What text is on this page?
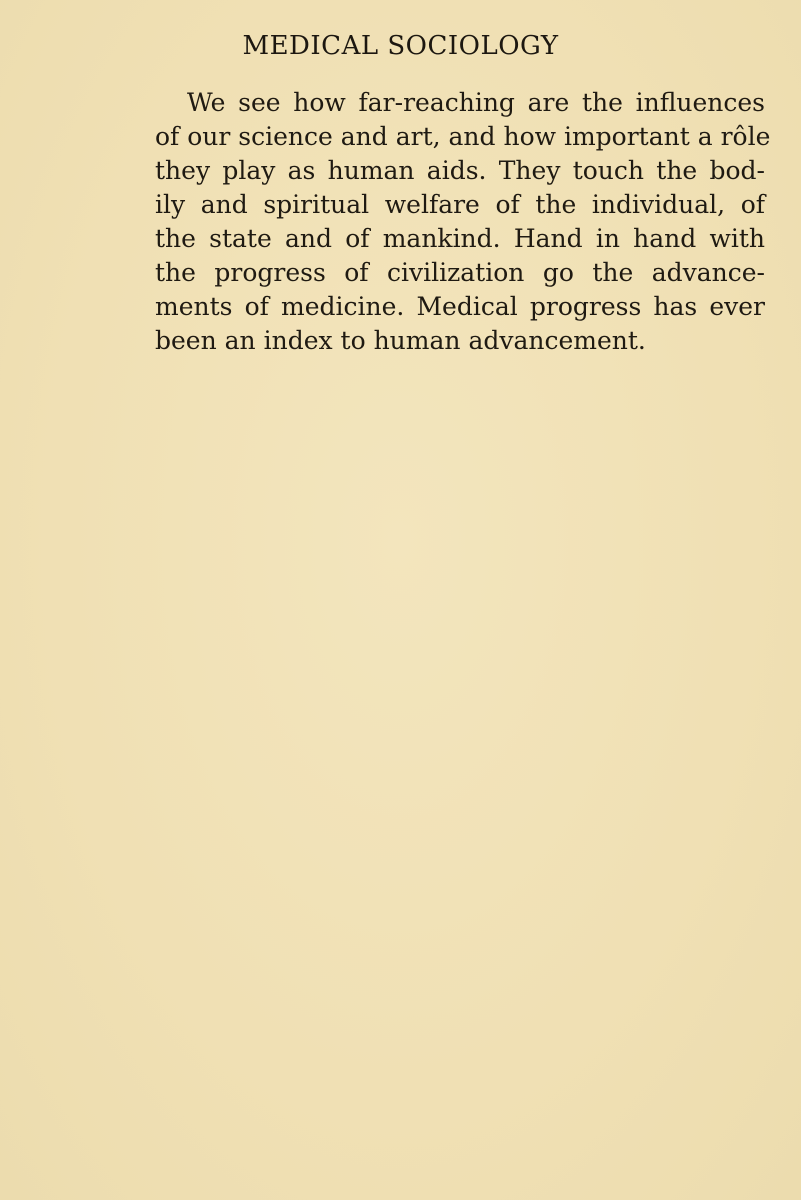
MEDICAL SOCIOLOGY
We see how far-reaching are the influences
of our science and art, and how important a rôle
they play as human aids. They touch the bod-
ily and spiritual welfare of the individual, of
the state and of mankind. Hand in hand with
the progress of civilization go the advance-
ments of medicine. Medical progress has ever
been an index to human advancement.
